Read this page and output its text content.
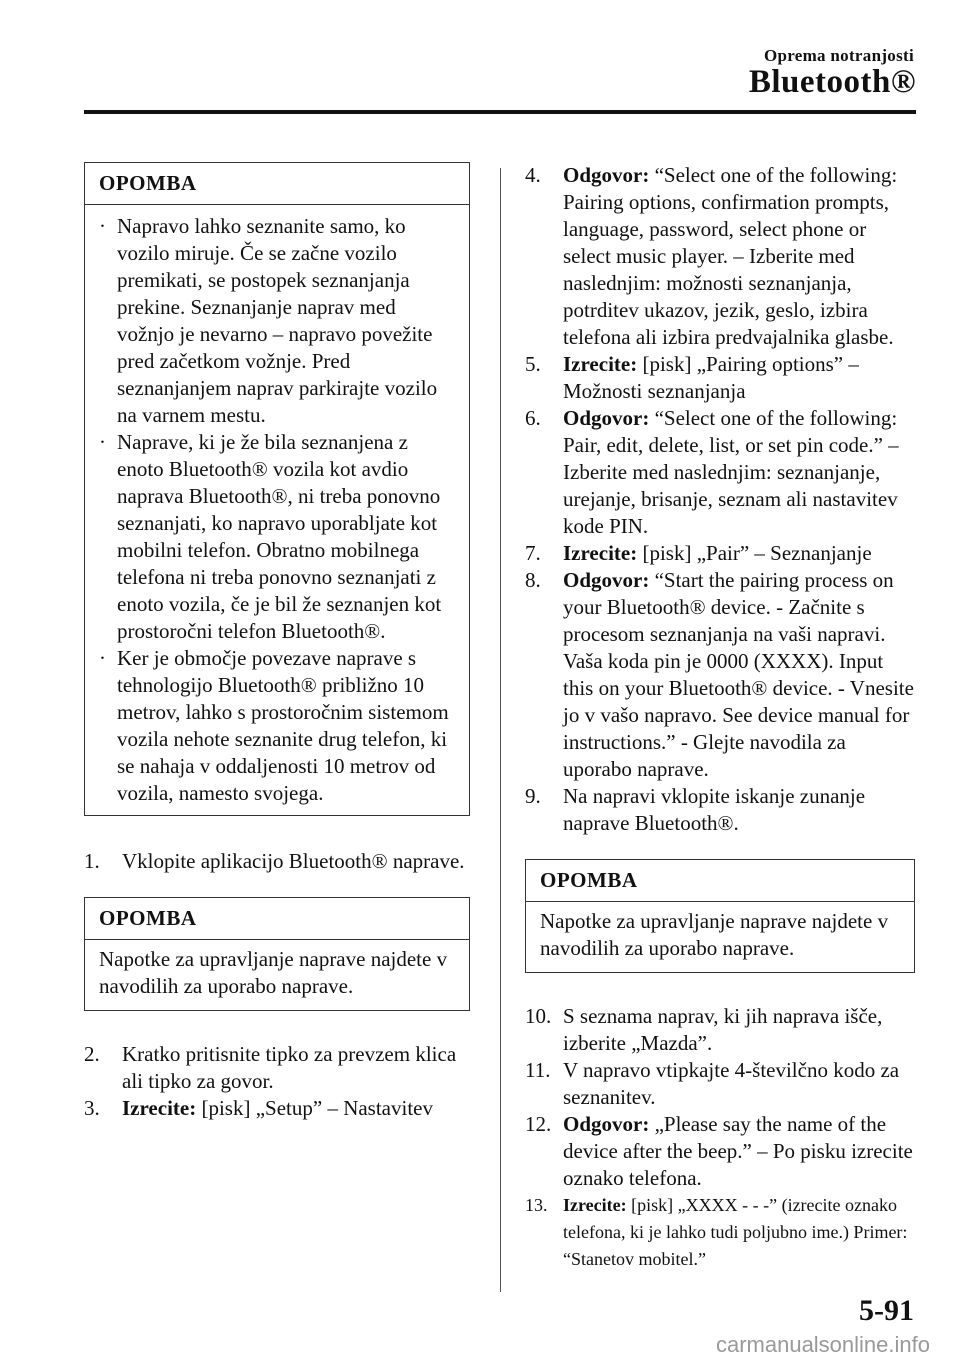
Oprema notranjosti
Bluetooth®
OPOMBA
· Napravo lahko seznanite samo, ko vozilo miruje. Če se začne vozilo premikati, se postopek seznanjanja prekine. Seznanjanje naprav med vožnjo je nevarno – napravo povežite pred začetkom vožnje. Pred seznanjanjem naprav parkirajte vozilo na varnem mestu.
· Naprave, ki je že bila seznanjena z enoto Bluetooth® vozila kot avdio naprava Bluetooth®, ni treba ponovno seznanjati, ko napravo uporabljate kot mobilni telefon. Obratno mobilnega telefona ni treba ponovno seznanjati z enoto vozila, če je bil že seznanjen kot prostoročni telefon Bluetooth®.
· Ker je območje povezave naprave s tehnologijo Bluetooth® približno 10 metrov, lahko s prostoročnim sistemom vozila nehote seznanite drug telefon, ki se nahaja v oddaljenosti 10 metrov od vozila, namesto svojega.
1.	Vklopite aplikacijo Bluetooth® naprave.
OPOMBA
Napotke za upravljanje naprave najdete v navodilih za uporabo naprave.
2.	Kratko pritisnite tipko za prevzem klica ali tipko za govor.
3.	Izrecite: [pisk] „Setup” – Nastavitev
4.	Odgovor: “Select one of the following: Pairing options, confirmation prompts, language, password, select phone or select music player. – Izberite med naslednjim: možnosti seznanjanja, potrditev ukazov, jezik, geslo, izbira telefona ali izbira predvajalnika glasbe.
5.	Izrecite: [pisk] „Pairing options” – Možnosti seznanjanja
6.	Odgovor: “Select one of the following: Pair, edit, delete, list, or set pin code.” – Izberite med naslednjim: seznanjanje, urejanje, brisanje, seznam ali nastavitev kode PIN.
7.	Izrecite: [pisk] „Pair” – Seznanjanje
8.	Odgovor: “Start the pairing process on your Bluetooth® device. - Začnite s procesom seznanjanja na vaši napravi. Vaša koda pin je 0000 (XXXX). Input this on your Bluetooth® device. - Vnesite jo v vašo napravo. See device manual for instructions.” - Glejte navodila za uporabo naprave.
9.	Na napravi vklopite iskanje zunanje naprave Bluetooth®.
OPOMBA
Napotke za upravljanje naprave najdete v navodilih za uporabo naprave.
10. S seznama naprav, ki jih naprava išče, izberite „Mazda”.
11. V napravo vtipkajte 4-številčno kodo za seznanitev.
12. Odgovor: „Please say the name of the device after the beep.” – Po pisku izrecite oznako telefona.
13. Izrecite: [pisk] „XXXX - - -” (izrecite oznako telefona, ki je lahko tudi poljubno ime.) Primer: “Stanetov mobitel.”
5-91
carmanualsonline.info
